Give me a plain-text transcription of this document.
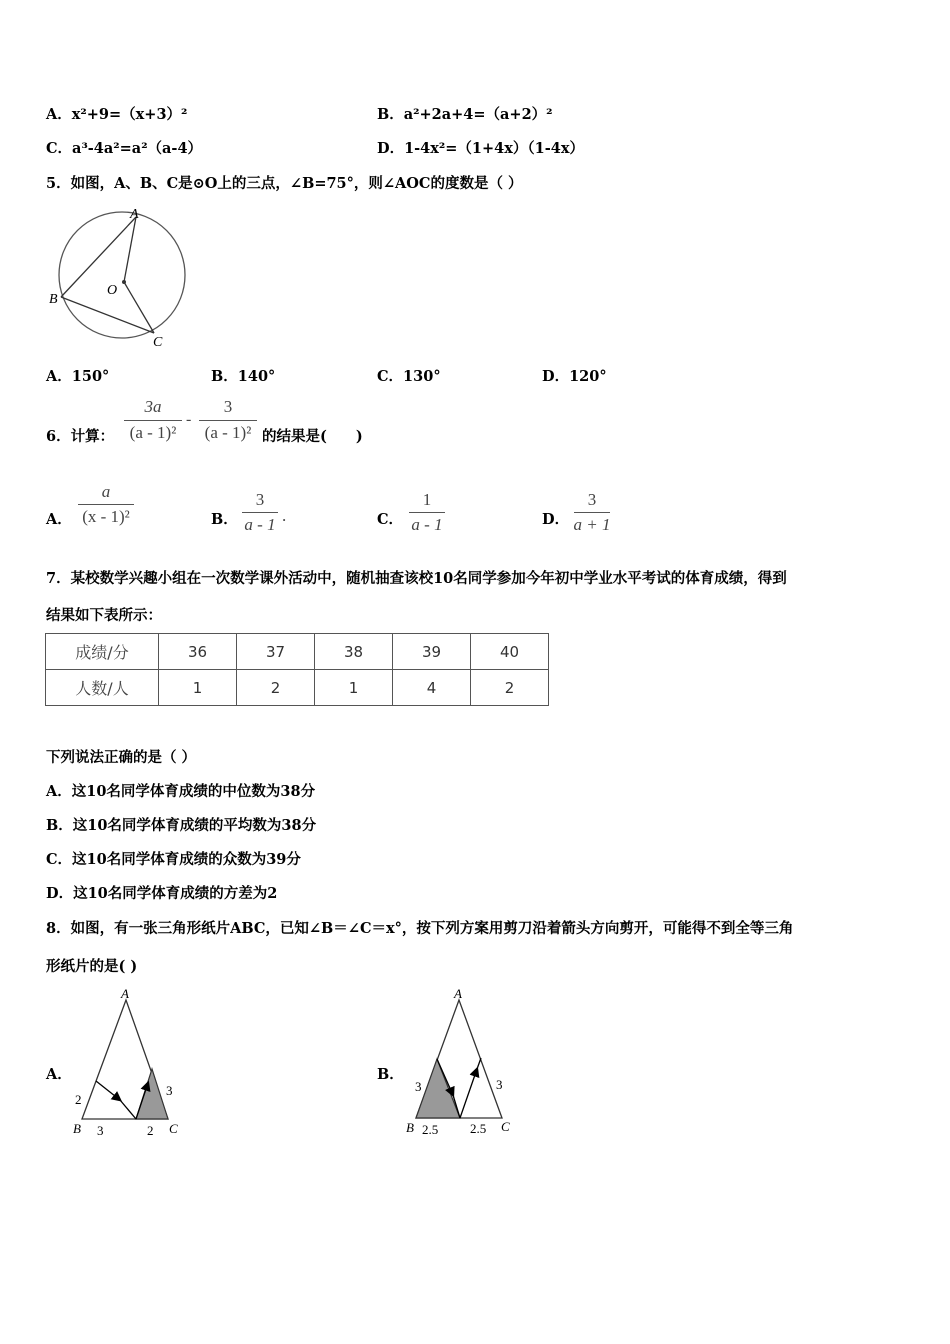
A．x²+9=（x+3）²	B．a²+2a+4=（a+2）²
C．a³-4a²=a²（a-4）	D．1-4x²=（1+4x）（1-4x）
5．如图，A、B、C是⊙O上的三点，∠B=75°，则∠AOC的度数是（ ）
A
B
C
O
A．150°	B．140°	C．130°	D．120°
6．计算：
3a
(a - 1)²
-
3
(a - 1)² 的结果是(　　)
A．
a
(x - 1)²	B．
3
a - 1 .	C．
1
a - 1	D．
3
a + 1
7．某校数学兴趣小组在一次数学课外活动中，随机抽查该校10名同学参加今年初中学业水平考试的体育成绩，得到
结果如下表所示：
成绩/分	36	37	38	39	40
人数/人	1	2	1	4	2
下列说法正确的是（ ）
A．这10名同学体育成绩的中位数为38分
B．这10名同学体育成绩的平均数为38分
C．这10名同学体育成绩的众数为39分
D．这10名同学体育成绩的方差为2
8．如图，有一张三角形纸片ABC，已知∠B＝∠C＝x°，按下列方案用剪刀沿着箭头方向剪开，可能得不到全等三角
形纸片的是( )
A．
A
B	C
2
3	2
3
B．
A
B	C
3
2.5 2.5
3
